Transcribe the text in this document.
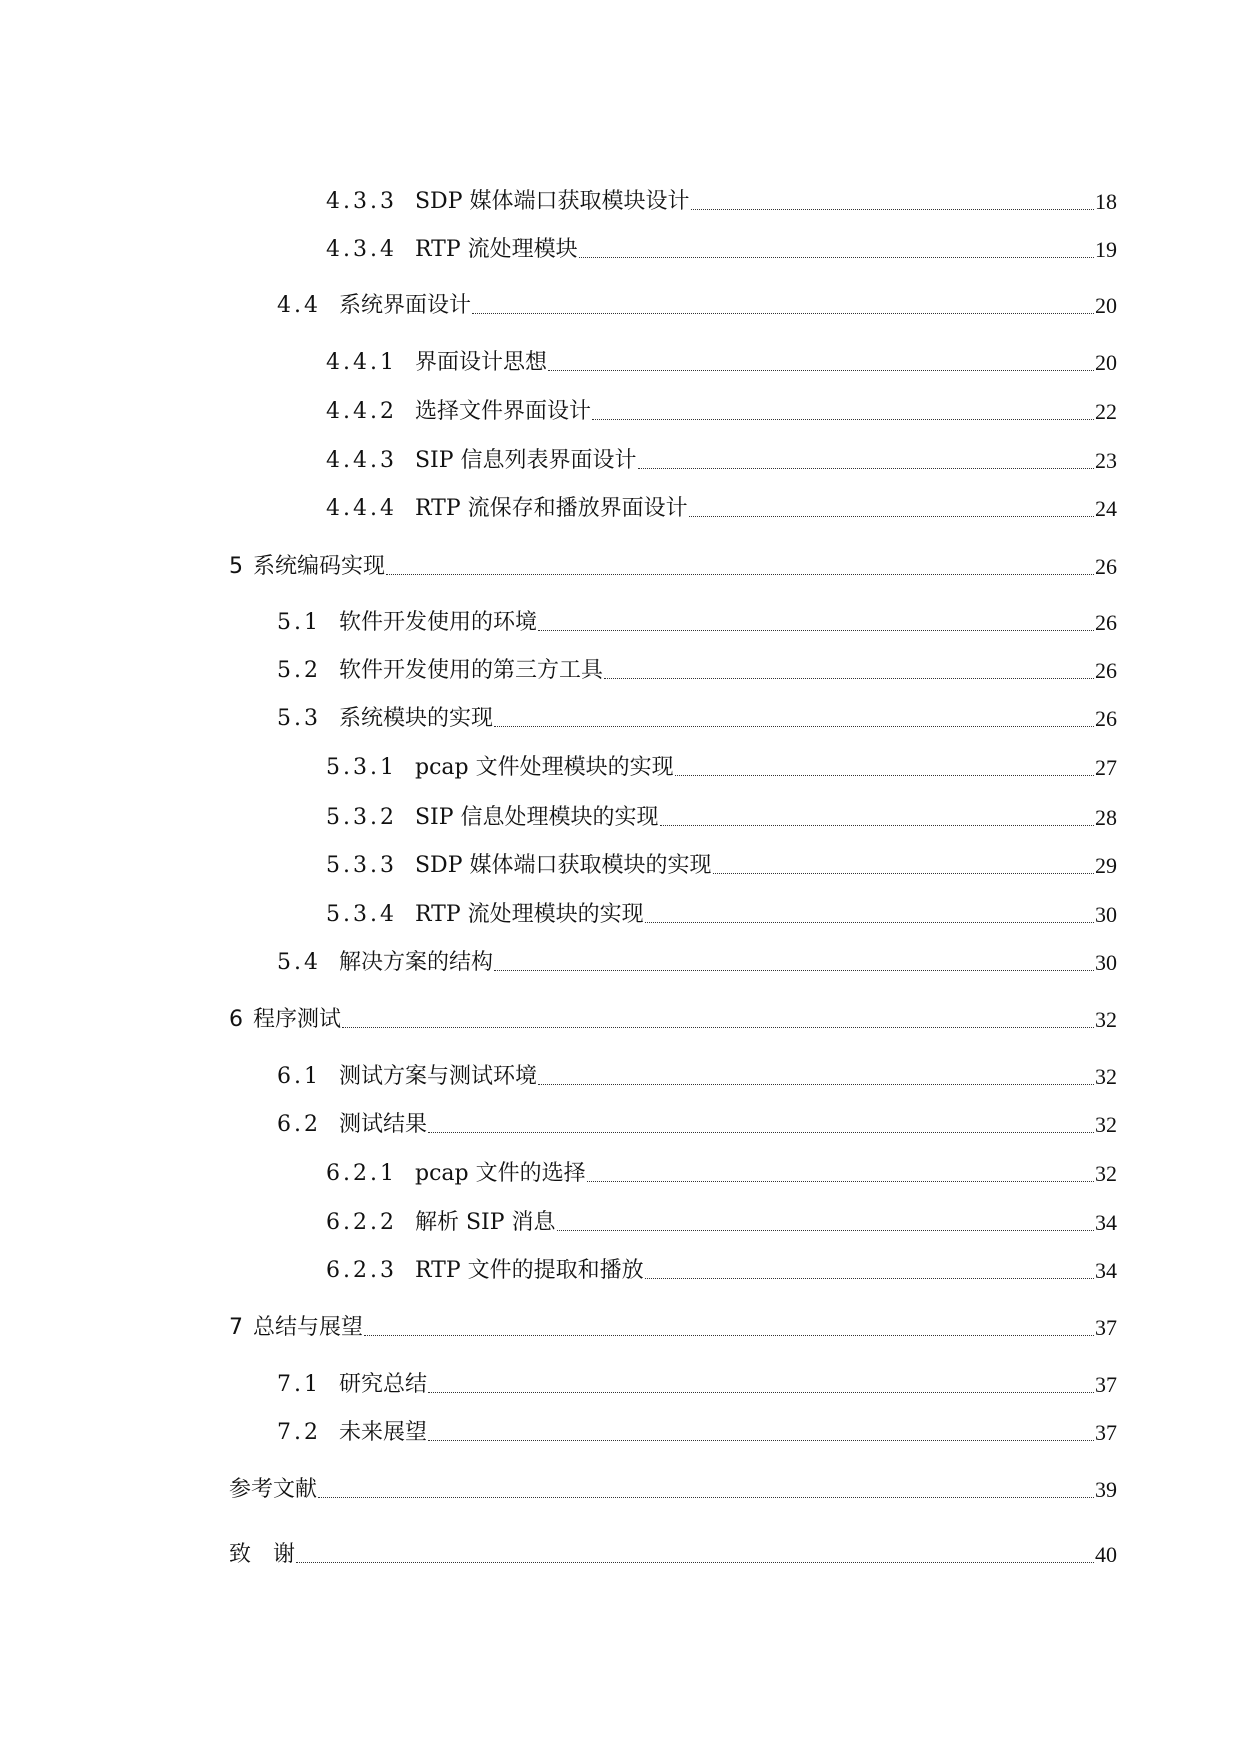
4.3.3 SDP 媒体端口获取模块设计	18
4.3.4 RTP 流处理模块	19
4.4 系统界面设计	20
4.4.1 界面设计思想	20
4.4.2 选择文件界面设计	22
4.4.3 SIP 信息列表界面设计	23
4.4.4 RTP 流保存和播放界面设计	24
5 系统编码实现	26
5.1 软件开发使用的环境	26
5.2 软件开发使用的第三方工具	26
5.3 系统模块的实现	26
5.3.1 pcap 文件处理模块的实现	27
5.3.2 SIP 信息处理模块的实现	28
5.3.3 SDP 媒体端口获取模块的实现	29
5.3.4 RTP 流处理模块的实现	30
5.4 解决方案的结构	30
6 程序测试	32
6.1 测试方案与测试环境	32
6.2 测试结果	32
6.2.1 pcap 文件的选择	32
6.2.2 解析 SIP 消息	34
6.2.3 RTP 文件的提取和播放	34
7 总结与展望	37
7.1 研究总结	37
7.2 未来展望	37
参考文献	39
致　谢	40
